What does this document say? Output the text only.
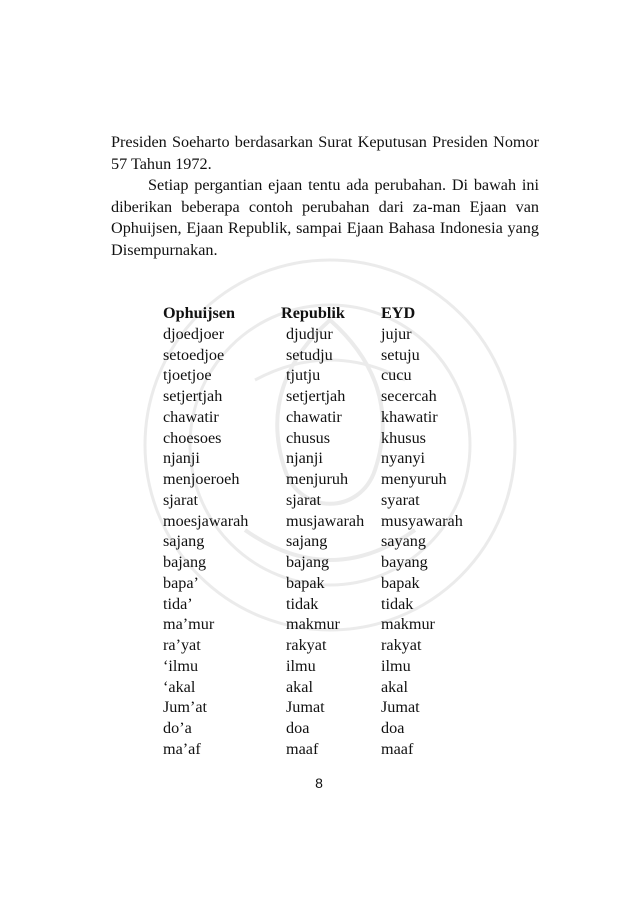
Presiden Soeharto berdasarkan Surat Keputusan Presiden Nomor 57 Tahun 1972.

Setiap pergantian ejaan tentu ada perubahan. Di bawah ini diberikan beberapa contoh perubahan dari za-man Ejaan van Ophuijsen, Ejaan Republik, sampai Ejaan Bahasa Indonesia yang Disempurnakan.

Ophuijsen	Republik	EYD
djoedjoer	djudjur	jujur
setoedjoe	setudju	setuju
tjoetjoe	tjutju	cucu
setjertjah	setjertjah	secercah
chawatir	chawatir	khawatir
choesoes	chusus	khusus
njanji	njanji	nyanyi
menjoeroeh	menjuruh	menyuruh
sjarat	sjarat	syarat
moesjawarah	musjawarah	musyawarah
sajang	sajang	sayang
bajang	bajang	bayang
bapa’	bapak	bapak
tida’	tidak	tidak
ma’mur	makmur	makmur
ra’yat	rakyat	rakyat
‘ilmu	ilmu	ilmu
‘akal	akal	akal
Jum’at	Jumat	Jumat
do’a	doa	doa
ma’af	maaf	maaf
8
